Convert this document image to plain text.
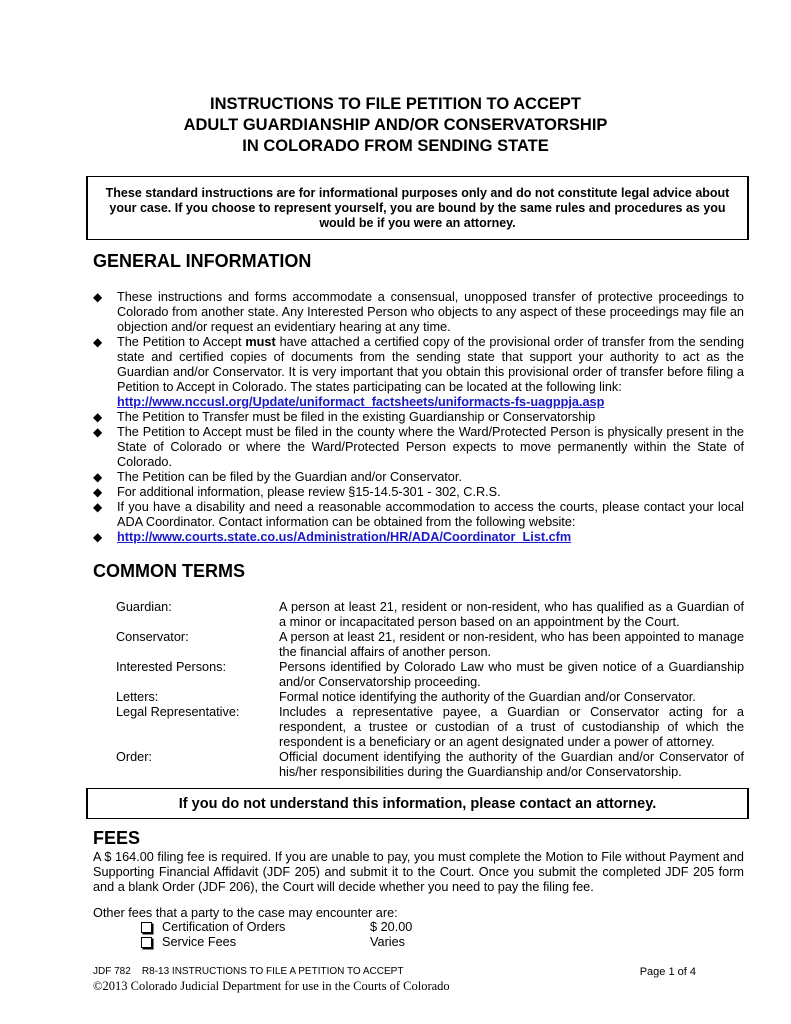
INSTRUCTIONS TO FILE PETITION TO ACCEPT
ADULT GUARDIANSHIP AND/OR CONSERVATORSHIP
IN COLORADO FROM SENDING STATE
These standard instructions are for informational purposes only and do not constitute legal advice about your case. If you choose to represent yourself, you are bound by the same rules and procedures as you would be if you were an attorney.
GENERAL INFORMATION
◆ These instructions and forms accommodate a consensual, unopposed transfer of protective proceedings to Colorado from another state. Any Interested Person who objects to any aspect of these proceedings may file an objection and/or request an evidentiary hearing at any time.
◆ The Petition to Accept must have attached a certified copy of the provisional order of transfer from the sending state and certified copies of documents from the sending state that support your authority to act as the Guardian and/or Conservator. It is very important that you obtain this provisional order of transfer before filing a Petition to Accept in Colorado. The states participating can be located at the following link:
http://www.nccusl.org/Update/uniformact_factsheets/uniformacts-fs-uagppja.asp
◆ The Petition to Transfer must be filed in the existing Guardianship or Conservatorship
◆ The Petition to Accept must be filed in the county where the Ward/Protected Person is physically present in the State of Colorado or where the Ward/Protected Person expects to move permanently within the State of Colorado.
◆ The Petition can be filed by the Guardian and/or Conservator.
◆ For additional information, please review §15-14.5-301 - 302, C.R.S.
◆ If you have a disability and need a reasonable accommodation to access the courts, please contact your local ADA Coordinator. Contact information can be obtained from the following website:
◆ http://www.courts.state.co.us/Administration/HR/ADA/Coordinator_List.cfm
COMMON TERMS
Guardian:	A person at least 21, resident or non-resident, who has qualified as a Guardian of a minor or incapacitated person based on an appointment by the Court.
Conservator:	A person at least 21, resident or non-resident, who has been appointed to manage the financial affairs of another person.
Interested Persons:	Persons identified by Colorado Law who must be given notice of a Guardianship and/or Conservatorship proceeding.
Letters:	Formal notice identifying the authority of the Guardian and/or Conservator.
Legal Representative:	Includes a representative payee, a Guardian or Conservator acting for a respondent, a trustee or custodian of a trust of custodianship of which the respondent is a beneficiary or an agent designated under a power of attorney.
Order:	Official document identifying the authority of the Guardian and/or Conservator of his/her responsibilities during the Guardianship and/or Conservatorship.
If you do not understand this information, please contact an attorney.
FEES
A $ 164.00 filing fee is required. If you are unable to pay, you must complete the Motion to File without Payment and Supporting Financial Affidavit (JDF 205) and submit it to the Court. Once you submit the completed JDF 205 form and a blank Order (JDF 206), the Court will decide whether you need to pay the filing fee.
Other fees that a party to the case may encounter are:
Certification of Orders	$ 20.00
Service Fees	Varies
JDF 782    R8-13 INSTRUCTIONS TO FILE A PETITION TO ACCEPT	Page 1 of 4
©2013 Colorado Judicial Department for use in the Courts of Colorado
